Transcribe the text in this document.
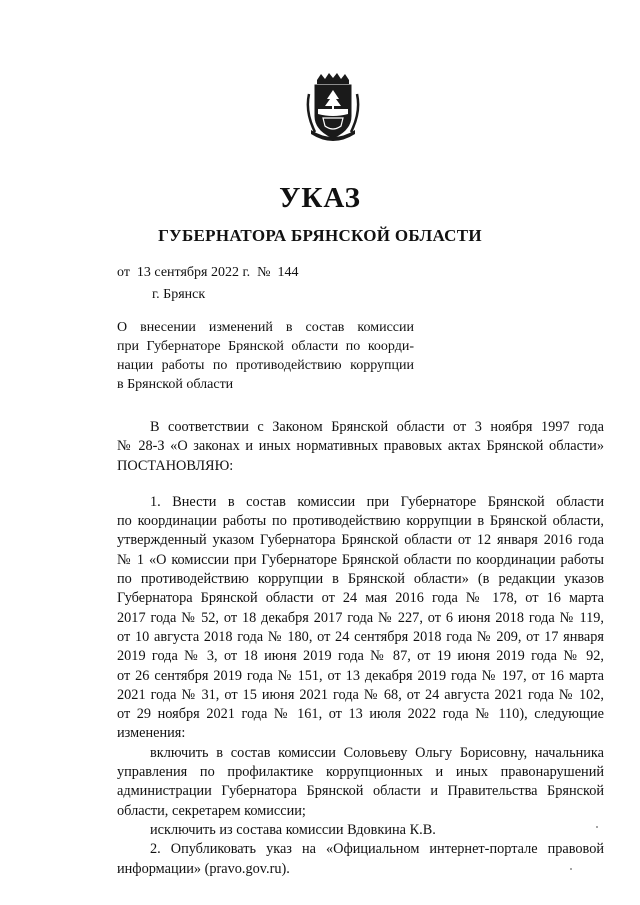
УКАЗ
ГУБЕРНАТОРА БРЯНСКОЙ ОБЛАСТИ
от  13 сентября 2022 г.  №  144
г. Брянск

О внесении изменений в состав комиссии

при Губернаторе Брянской области по коорди-

нации работы по противодействию коррупции

в Брянской области

В соответствии с Законом Брянской области от 3 ноября 1997 года
№ 28-З «О законах и иных нормативных правовых актах Брянской области»
ПОСТАНОВЛЯЮ:
1. Внести в состав комиссии при Губернаторе Брянской области
по координации работы по противодействию коррупции в Брянской области,
утвержденный указом Губернатора Брянской области от 12 января 2016 года
№ 1 «О комиссии при Губернаторе Брянской области по координации работы
по противодействию коррупции в Брянской области» (в редакции указов
Губернатора Брянской области от 24 мая 2016 года № 178, от 16 марта
2017 года № 52, от 18 декабря 2017 года № 227, от 6 июня 2018 года № 119,
от 10 августа 2018 года № 180, от 24 сентября 2018 года № 209, от 17 января
2019 года № 3, от 18 июня 2019 года № 87, от 19 июня 2019 года № 92,
от 26 сентября 2019 года № 151, от 13 декабря 2019 года № 197, от 16 марта
2021 года № 31, от 15 июня 2021 года № 68, от 24 августа 2021 года № 102,
от 29 ноября 2021 года № 161, от 13 июля 2022 года № 110), следующие
изменения:
включить в состав комиссии Соловьеву Ольгу Борисовну, начальника
управления по профилактике коррупционных и иных правонарушений
администрации Губернатора Брянской области и Правительства Брянской
области, секретарем комиссии;
исключить из состава комиссии Вдовкина К.В.
2. Опубликовать указ на «Официальном интернет-портале правовой
информации» (pravo.gov.ru).
